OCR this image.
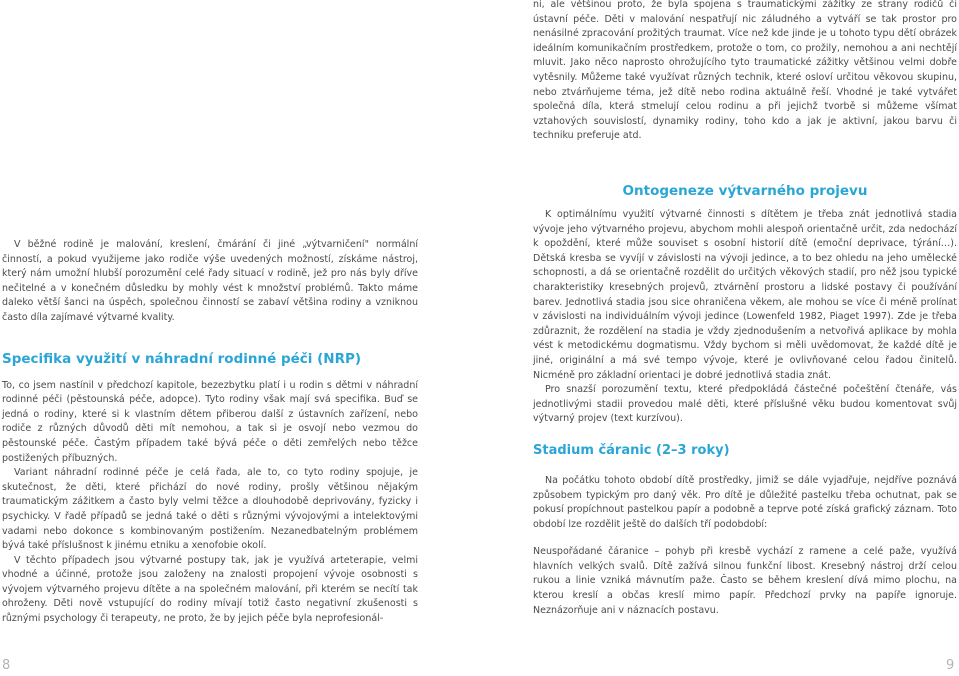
ní, ale většinou proto, že byla spojena s traumatickými zážitky ze strany rodičů či ústavní péče. Děti v malování nespatřují nic záludného a vytváří se tak prostor pro nenásilné zpracování prožitých traumat. Více než kde jinde je u tohoto typu dětí obrázek ideálním komunikačním prostředkem, protože o tom, co prožily, nemohou a ani nechtějí mluvit. Jako něco naprosto ohrožujícího tyto traumatické zážitky většinou velmi dobře vytěsnily. Můžeme také využívat různých technik, které osloví určitou věkovou skupinu, nebo ztvárňujeme téma, jež dítě nebo rodina aktuálně řeší. Vhodné je také vytvářet společná díla, která stmelují celou rodinu a při jejichž tvorbě si můžeme všímat vztahových souvislostí, dynamiky rodiny, toho kdo a jak je aktivní, jakou barvu či techniku preferuje atd.

V běžné rodině je malování, kreslení, čmárání či jiné „výtvarničení" normální činností, a pokud využijeme jako rodiče výše uvedených možností, získáme nástroj, který nám umožní hlubší porozumění celé řady situací v rodině, jež pro nás byly dříve nečitelné a v konečném důsledku by mohly vést k množství problémů. Takto máme daleko větší šanci na úspěch, společnou činností se zabaví většina rodiny a vzniknou často díla zajímavé výtvarné kvality.

Specifika využití v náhradní rodinné péči (NRP)

To, co jsem nastínil v předchozí kapitole, bezezbytku platí i u rodin s dětmi v náhradní rodinné péči (pěstounská péče, adopce). Tyto rodiny však mají svá specifika. Buď se jedná o rodiny, které si k vlastním dětem přiberou další z ústavních zařízení, nebo rodiče z různých důvodů děti mít nemohou, a tak si je osvojí nebo vezmou do pěstounské péče. Častým případem také bývá péče o děti zemřelých nebo těžce postižených příbuzných.

Variant náhradní rodinné péče je celá řada, ale to, co tyto rodiny spojuje, je skutečnost, že děti, které přichází do nové rodiny, prošly většinou nějakým traumatickým zážitkem a často byly velmi těžce a dlouhodobě deprivovány, fyzicky i psychicky. V řadě případů se jedná také o děti s různými vývojovými a intelektovými vadami nebo dokonce s kombinovaným postižením. Nezanedbatelným problémem bývá také příslušnost k jinému etniku a xenofobie okolí.

V těchto případech jsou výtvarné postupy tak, jak je využívá arteterapie, velmi vhodné a účinné, protože jsou založeny na znalosti propojení vývoje osobnosti s vývojem výtvarného projevu dítěte a na společném malování, při kterém se necítí tak ohroženy. Děti nově vstupující do rodiny mívají totiž často negativní zkušenosti s různými psychology či terapeuty, ne proto, že by jejich péče byla neprofesionál-

Ontogeneze výtvarného projevu

K optimálnímu využití výtvarné činnosti s dítětem je třeba znát jednotlivá stadia vývoje jeho výtvarného projevu, abychom mohli alespoň orientačně určit, zda nedochází k opoždění, které může souviset s osobní historií dítě (emoční deprivace, týrání…). Dětská kresba se vyvíjí v závislosti na vývoji jedince, a to bez ohledu na jeho umělecké schopnosti, a dá se orientačně rozdělit do určitých věkových stadií, pro něž jsou typické charakteristiky kresebných projevů, ztvárnění prostoru a lidské postavy či používání barev. Jednotlivá stadia jsou sice ohraničena věkem, ale mohou se více či méně prolínat v závislosti na individuálním vývoji jedince (Lowenfeld 1982, Piaget 1997). Zde je třeba zdůraznit, že rozdělení na stadia je vždy zjednodušením a netvořivá aplikace by mohla vést k metodickému dogmatismu. Vždy bychom si měli uvědomovat, že každé dítě je jiné, originální a má své tempo vývoje, které je ovlivňované celou řadou činitelů. Nicméně pro základní orientaci je dobré jednotlivá stadia znát.

Pro snazší porozumění textu, které předpokládá částečné počeštění čtenáře, vás jednotlivými stadii provedou malé děti, které příslušné věku budou komentovat svůj výtvarný projev (text kurzívou).

Stadium čáranic (2–3 roky)

Na počátku tohoto období dítě prostředky, jimiž se dále vyjadřuje, nejdříve poznává způsobem typickým pro daný věk. Pro dítě je důležité pastelku třeba ochutnat, pak se pokusí propíchnout pastelkou papír a podobně a teprve poté získá grafický záznam. Toto období lze rozdělit ještě do dalších tří podobdobí:

Neuspořádané čáranice – pohyb při kresbě vychází z ramene a celé paže, využívá hlavních velkých svalů. Dítě zažívá silnou funkční libost. Kresebný nástroj drží celou rukou a linie vzniká mávnutím paže. Často se během kreslení dívá mimo plochu, na kterou kreslí a občas kreslí mimo papír. Předchozí prvky na papíře ignoruje. Neznázorňuje ani v náznacích postavu.

8	9
